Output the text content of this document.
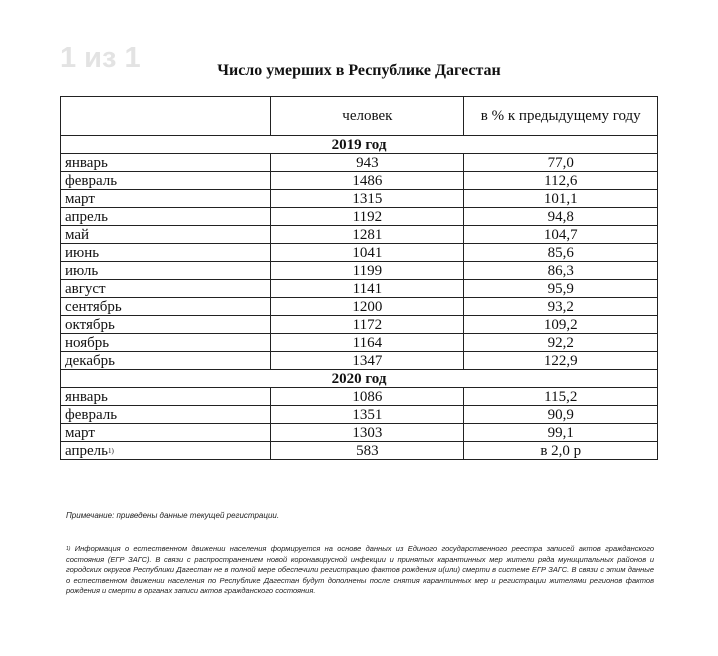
1 из 1	Число умерших в Республике Дагестан
	человек	в % к предыдущему году
2019 год		
январь	943	77,0
февраль	1486	112,6
март	1315	101,1
апрель	1192	94,8
май	1281	104,7
июнь	1041	85,6
июль	1199	86,3
август	1141	95,9
сентябрь	1200	93,2
октябрь	1172	109,2
ноябрь	1164	92,2
декабрь	1347	122,9
2020 год		
январь	1086	115,2
февраль	1351	90,9
март	1303	99,1
апрель$^{1)}$	583	в 2,0 р
Примечание: приведены данные текущей регистрации.
$^{1)}$ Информация о естественном движении населения формируется на основе данных из Единого государственного реестра записей актов гражданского состояния (ЕГР ЗАГС). В связи с распространением новой коронавирусной инфекции и принятых карантинных мер жители ряда муниципальных районов и городских округов Республики Дагестан не в полной мере обеспечили регистрацию фактов рождения и(или) смерти в системе ЕГР ЗАГС. В связи с этим данные о естественном движении населения по Республике Дагестан будут дополнены после снятия карантинных мер и регистрации жителями регионов фактов рождения и смерти в органах записи актов гражданского состояния.
